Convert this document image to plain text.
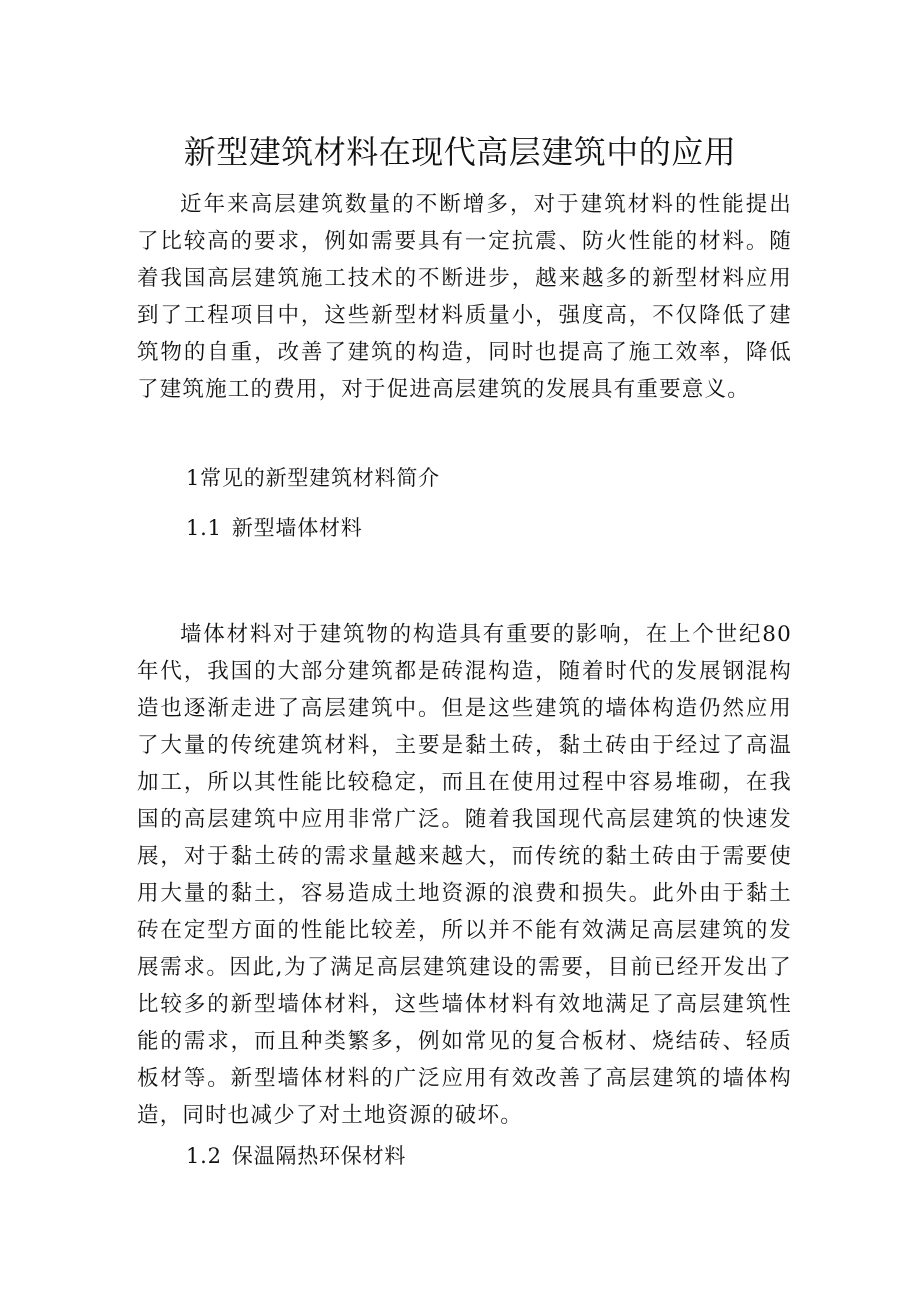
新型建筑材料在现代高层建筑中的应用

近年来高层建筑数量的不断增多，对于建筑材料的性能提出了比较高的要求，例如需要具有一定抗震、防火性能的材料。随着我国高层建筑施工技术的不断进步，越来越多的新型材料应用到了工程项目中，这些新型材料质量小，强度高，不仅降低了建筑物的自重，改善了建筑的构造，同时也提高了施工效率，降低了建筑施工的费用，对于促进高层建筑的发展具有重要意义。

1常见的新型建筑材料简介
1.1 新型墙体材料

墙体材料对于建筑物的构造具有重要的影响，在上个世纪80年代，我国的大部分建筑都是砖混构造，随着时代的发展钢混构造也逐渐走进了高层建筑中。但是这些建筑的墙体构造仍然应用了大量的传统建筑材料，主要是黏土砖，黏土砖由于经过了高温加工，所以其性能比较稳定，而且在使用过程中容易堆砌，在我国的高层建筑中应用非常广泛。随着我国现代高层建筑的快速发展，对于黏土砖的需求量越来越大，而传统的黏土砖由于需要使用大量的黏土，容易造成土地资源的浪费和损失。此外由于黏土砖在定型方面的性能比较差，所以并不能有效满足高层建筑的发展需求。因此,为了满足高层建筑建设的需要，目前已经开发出了比较多的新型墙体材料，这些墙体材料有效地满足了高层建筑性能的需求，而且种类繁多，例如常见的复合板材、烧结砖、轻质板材等。新型墙体材料的广泛应用有效改善了高层建筑的墙体构造，同时也减少了对土地资源的破坏。

1.2 保温隔热环保材料
